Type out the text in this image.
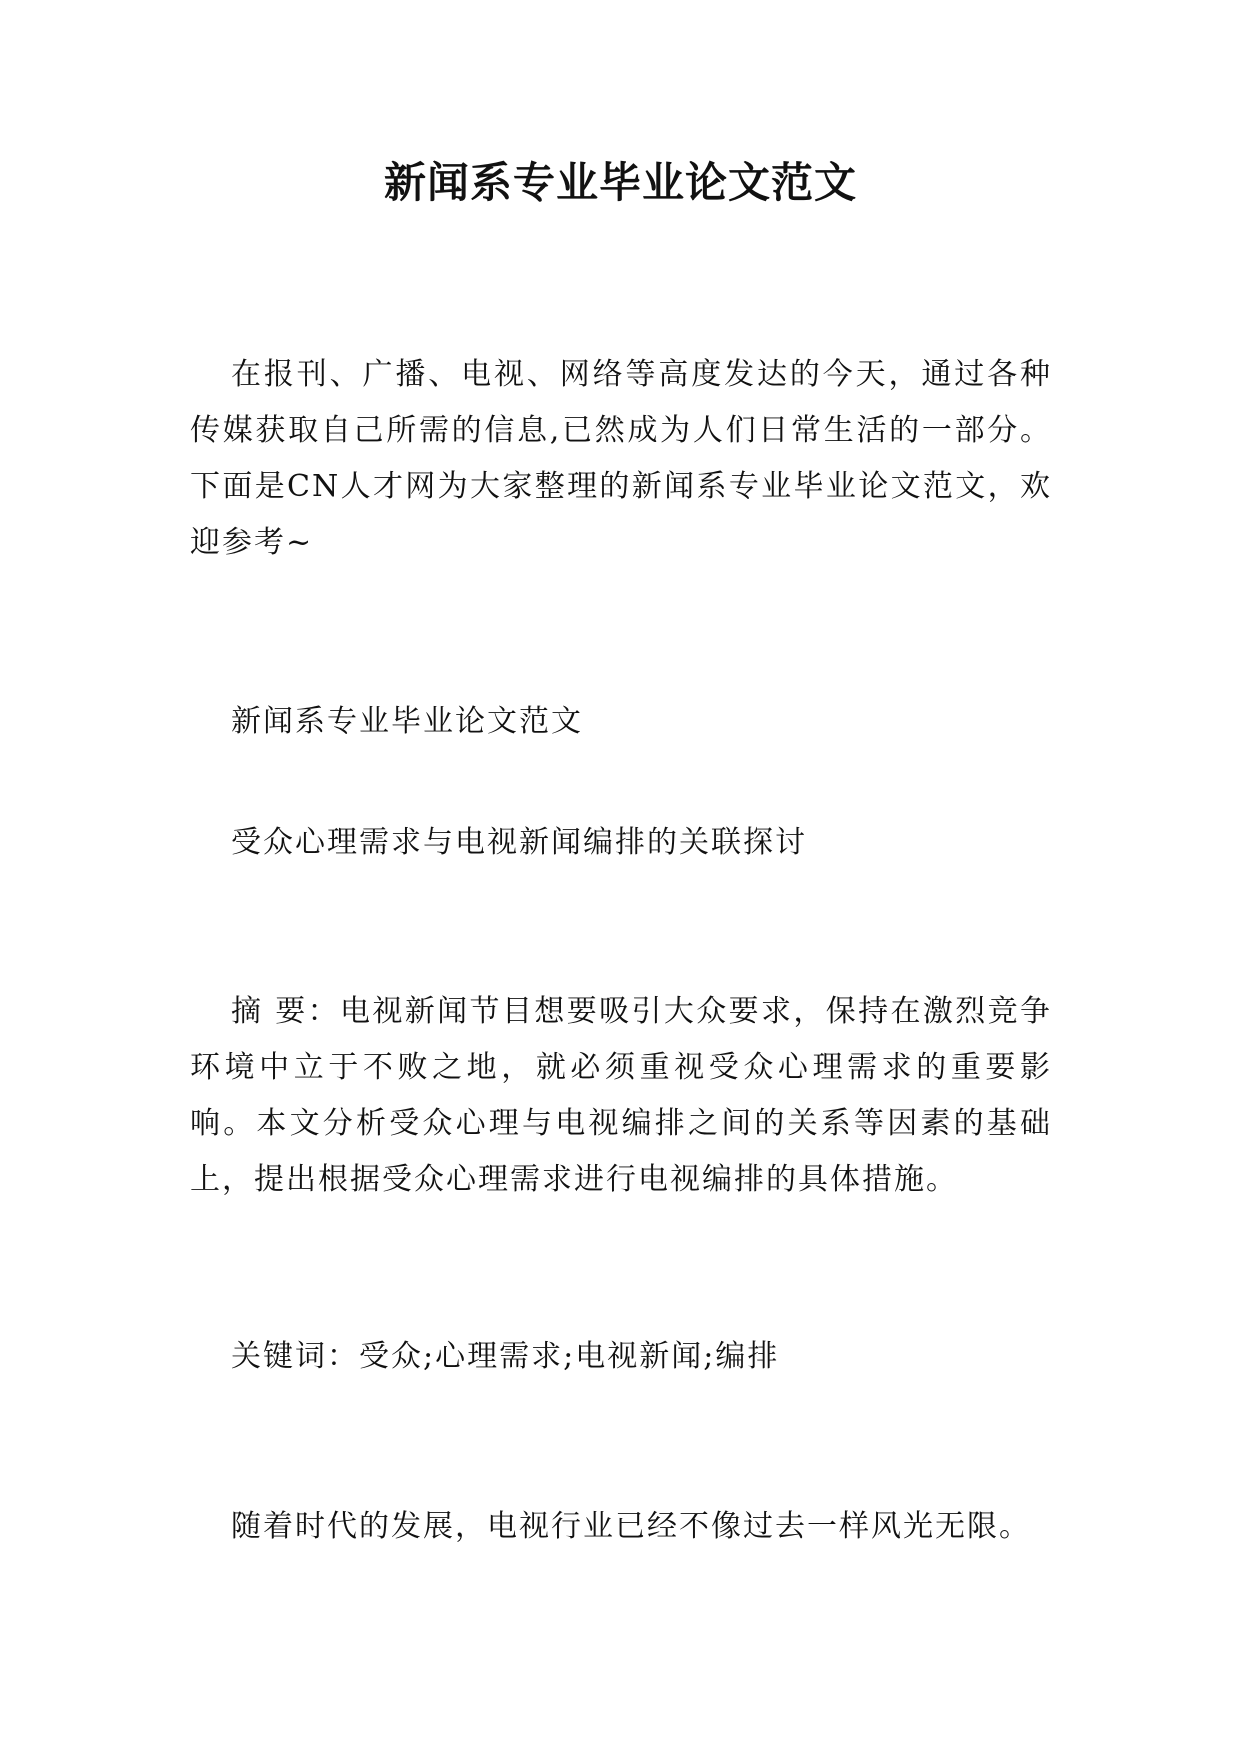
新闻系专业毕业论文范文

在报刊、广播、电视、网络等高度发达的今天，通过各种传媒获取自己所需的信息,已然成为人们日常生活的一部分。下面是CN人才网为大家整理的新闻系专业毕业论文范文，欢迎参考~

新闻系专业毕业论文范文

受众心理需求与电视新闻编排的关联探讨

摘 要：电视新闻节目想要吸引大众要求，保持在激烈竞争环境中立于不败之地，就必须重视受众心理需求的重要影响。本文分析受众心理与电视编排之间的关系等因素的基础上，提出根据受众心理需求进行电视编排的具体措施。

关键词：受众;心理需求;电视新闻;编排

随着时代的发展，电视行业已经不像过去一样风光无限。
